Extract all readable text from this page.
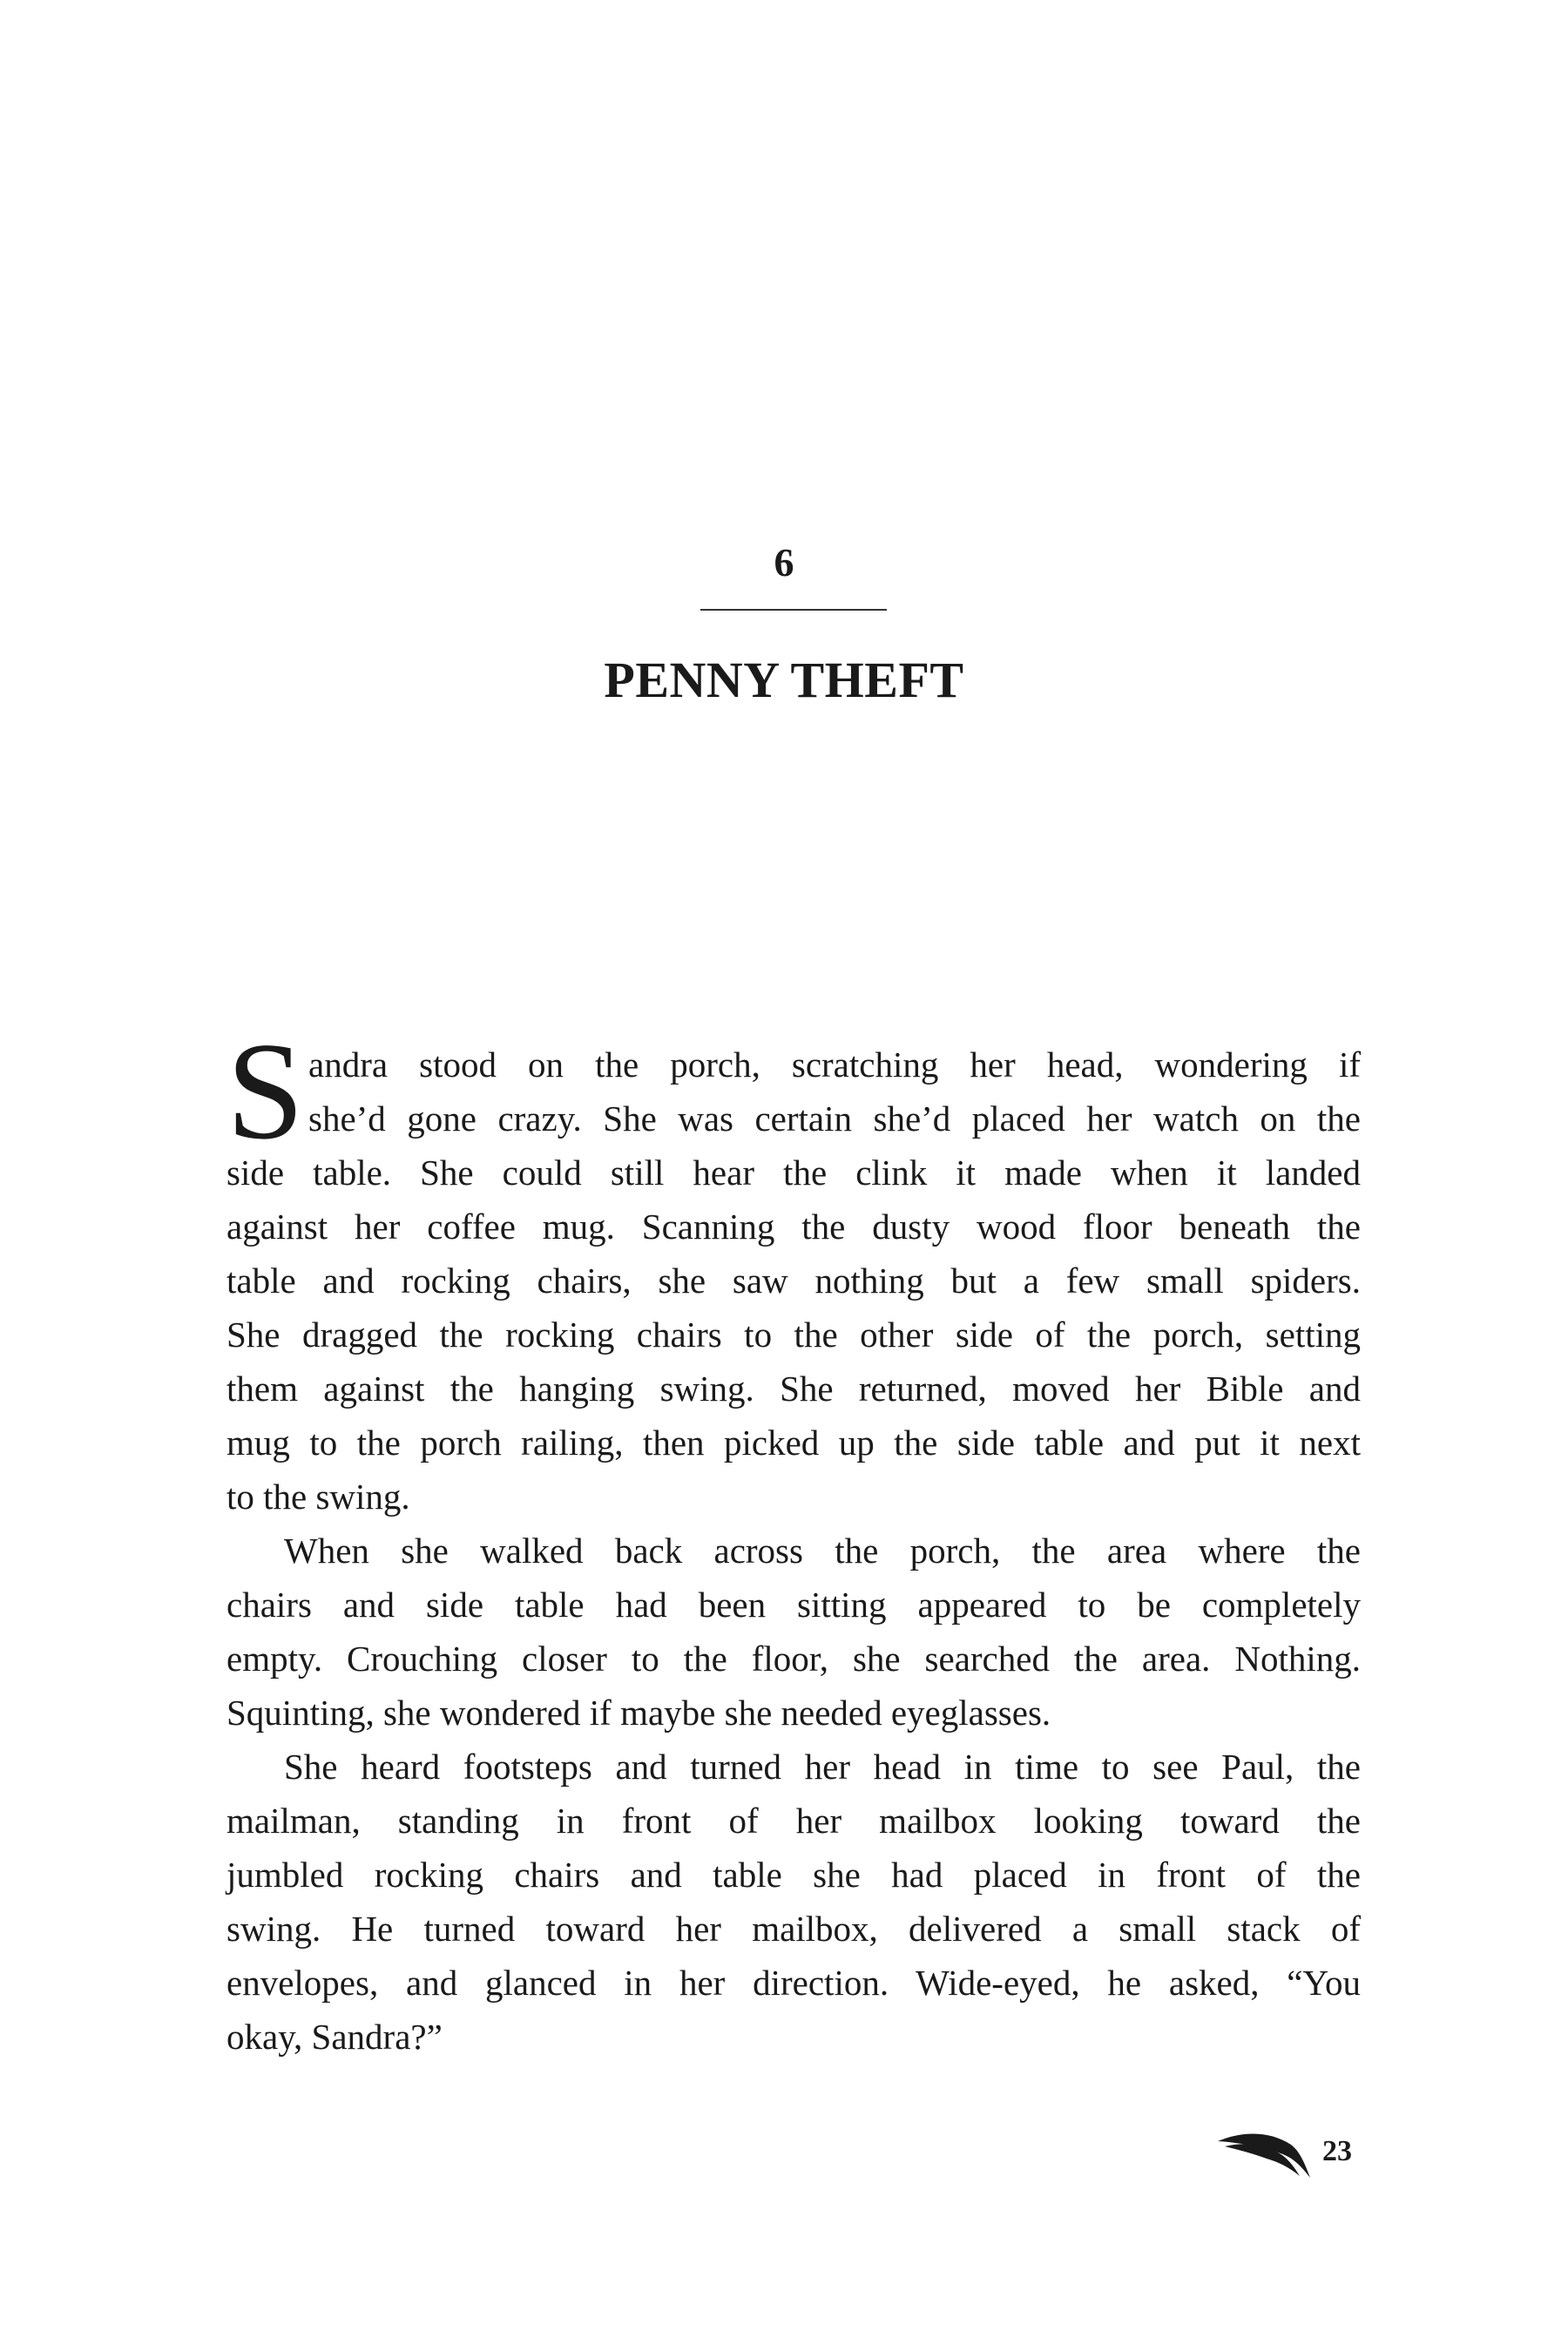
6
PENNY THEFT
S andra stood on the porch, scratching her head, wondering if
she’d gone crazy. She was certain she’d placed her watch on the
side table. She could still hear the clink it made when it landed
against her coffee mug. Scanning the dusty wood floor beneath the
table and rocking chairs, she saw nothing but a few small spiders.
She dragged the rocking chairs to the other side of the porch, setting
them against the hanging swing. She returned, moved her Bible and
mug to the porch railing, then picked up the side table and put it next
to the swing.
When she walked back across the porch, the area where the
chairs and side table had been sitting appeared to be completely
empty. Crouching closer to the floor, she searched the area. Nothing.
Squinting, she wondered if maybe she needed eyeglasses.
She heard footsteps and turned her head in time to see Paul, the
mailman, standing in front of her mailbox looking toward the
jumbled rocking chairs and table she had placed in front of the
swing. He turned toward her mailbox, delivered a small stack of
envelopes, and glanced in her direction. Wide-eyed, he asked, “You
okay, Sandra?”
23
